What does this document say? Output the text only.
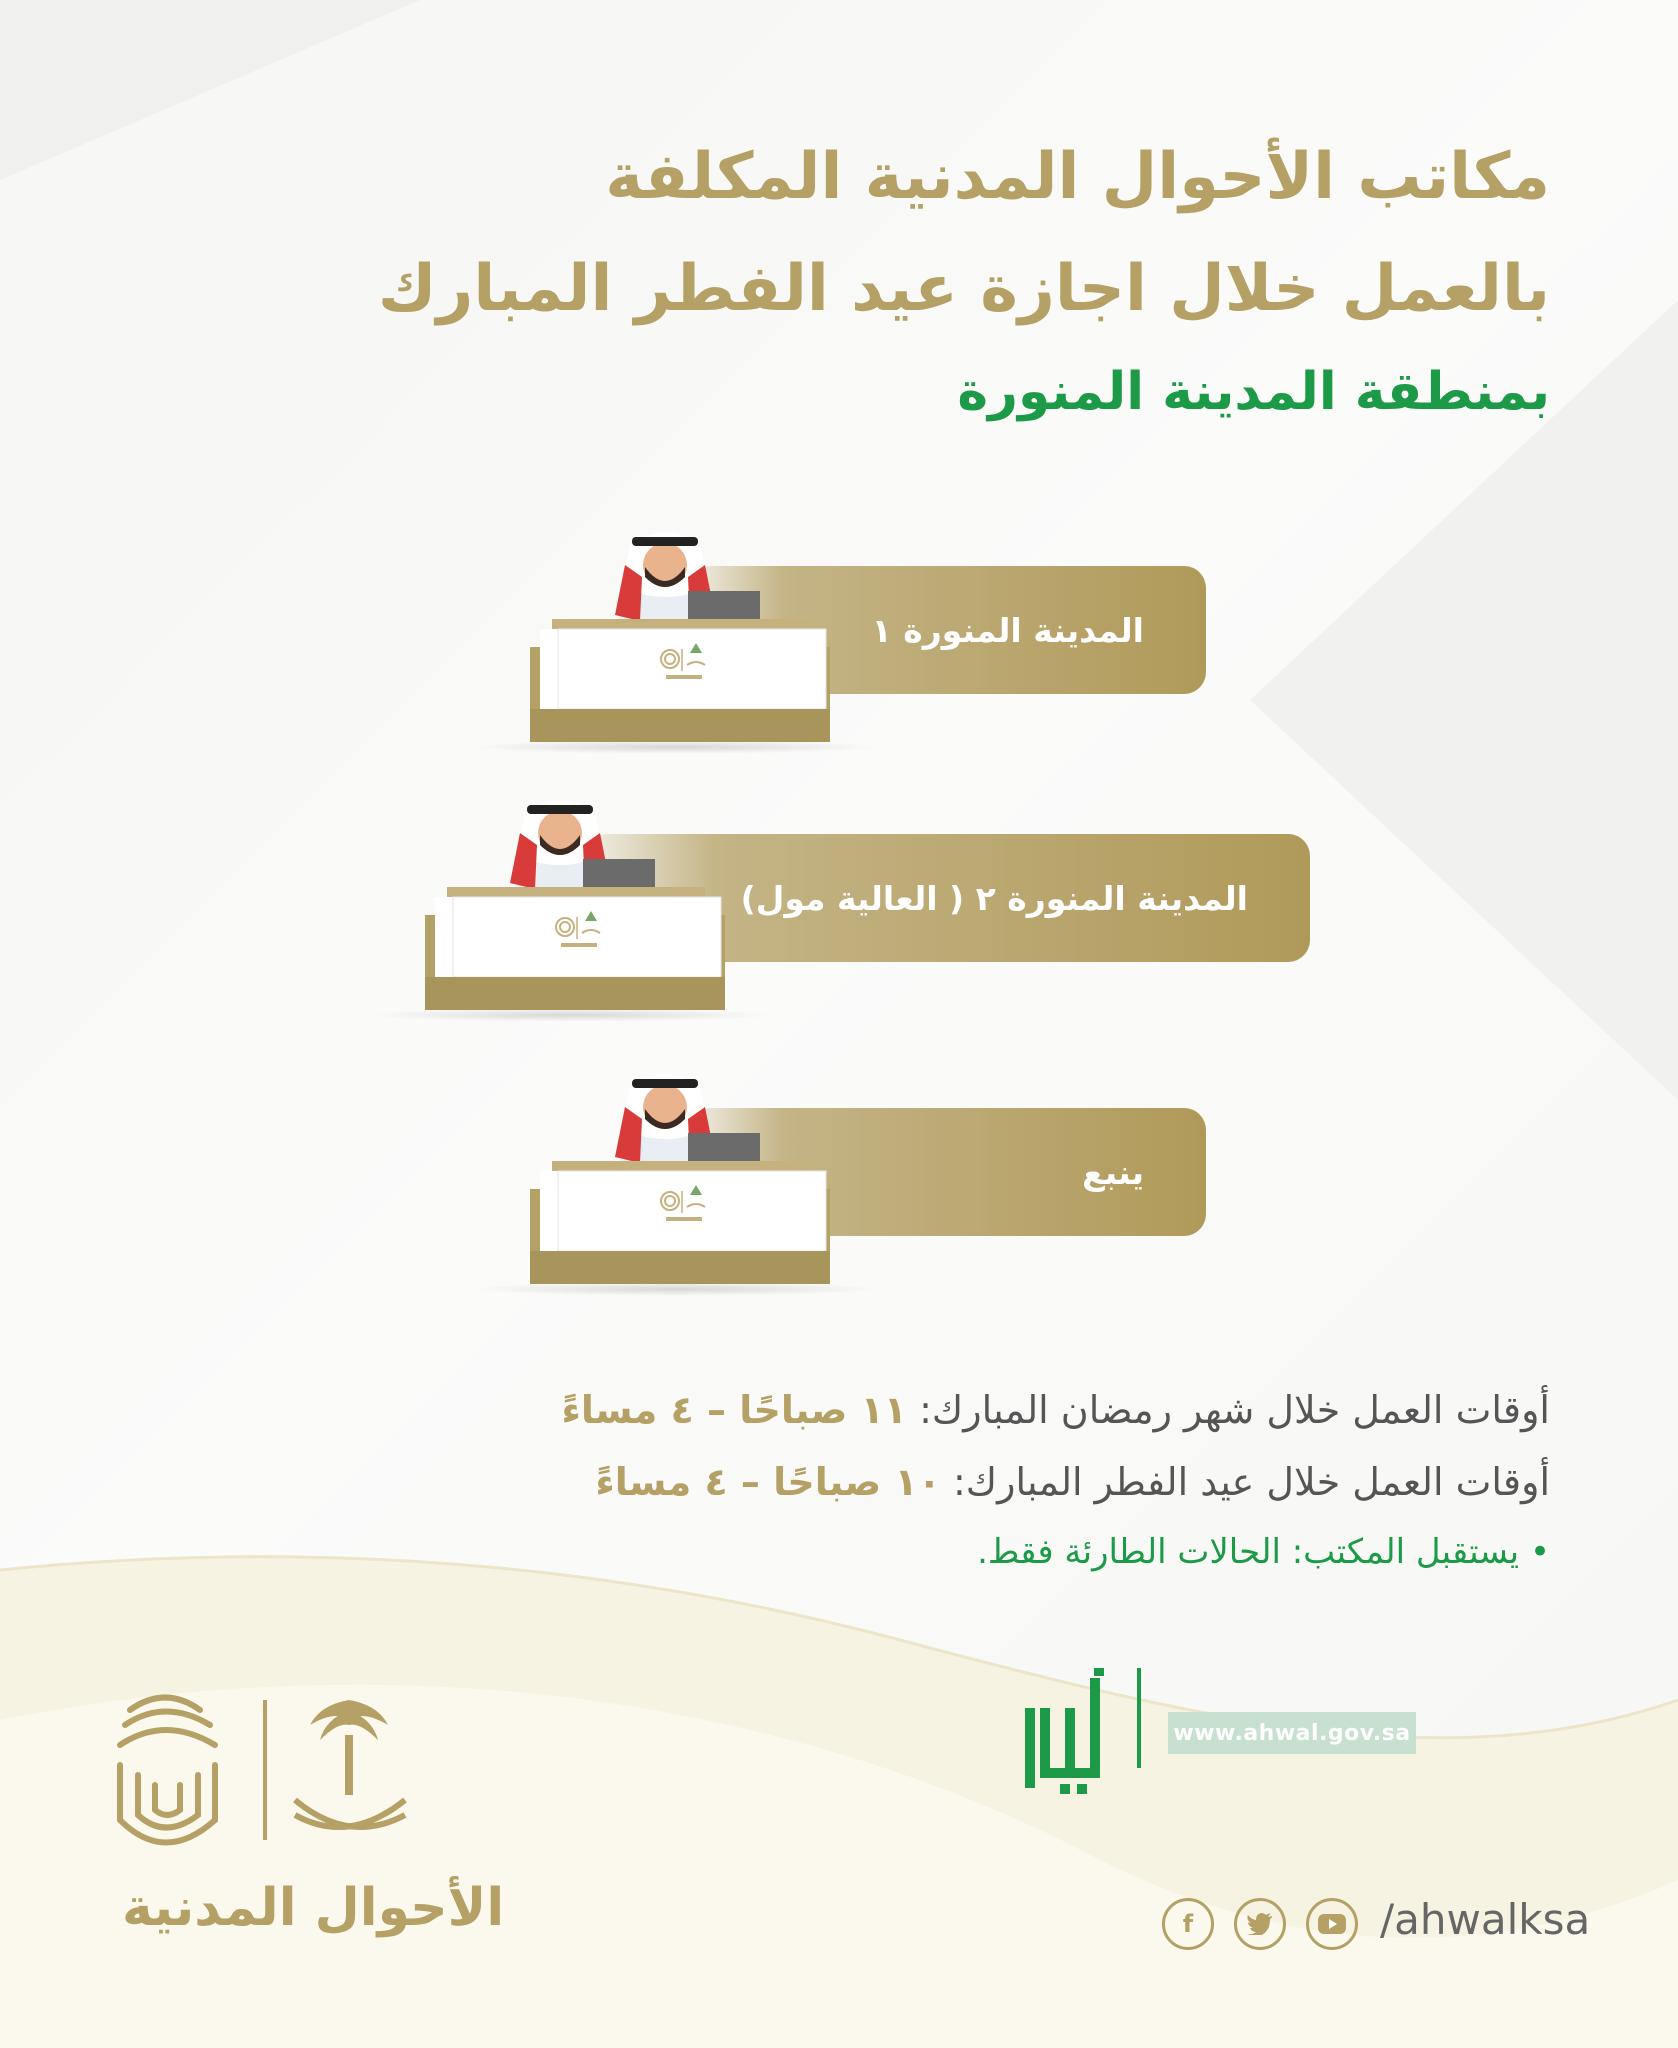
مكاتب الأحوال المدنية المكلفة
بالعمل خلال اجازة عيد الفطر المبارك
بمنطقة المدينة المنورة
المدينة المنورة ١
المدينة المنورة ٢ ( العالية مول)
ينبع
أوقات العمل خلال شهر رمضان المبارك: ١١ صباحًا – ٤ مساءً
أوقات العمل خلال عيد الفطر المبارك: ١٠ صباحًا – ٤ مساءً
• يستقبل المكتب: الحالات الطارئة فقط.
www.ahwal.gov.sa
الأحوال المدنية	f	/ahwalksa
